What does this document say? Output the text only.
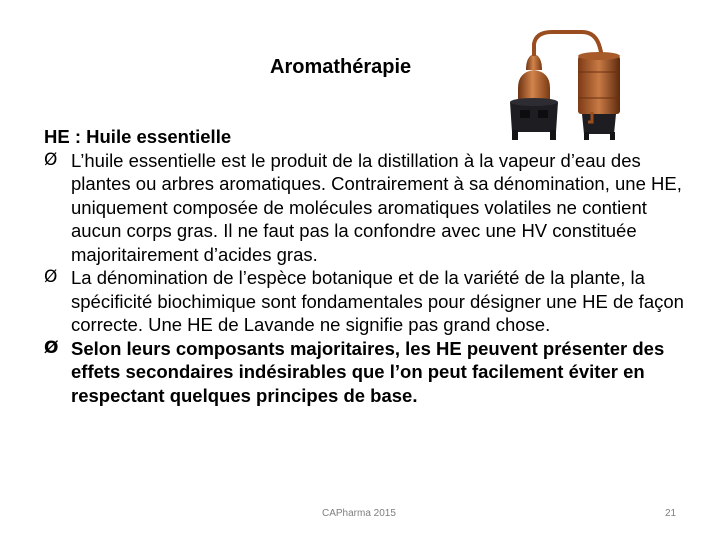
Aromathérapie
HE : Huile essentielle

Ø L’huile essentielle est le produit de la distillation à la vapeur d’eau des plantes ou arbres aromatiques. Contrairement à sa dénomination, une HE, uniquement composée de molécules aromatiques volatiles ne contient aucun corps gras. Il ne faut pas la confondre avec une HV constituée majoritairement d’acides gras.

Ø La dénomination de l’espèce botanique et de la variété de la plante, la spécificité biochimique sont fondamentales pour désigner une HE de façon correcte. Une HE de Lavande ne signifie pas grand chose.

Ø Selon leurs composants majoritaires, les HE peuvent présenter des effets secondaires indésirables que l’on peut facilement éviter en respectant quelques principes de base.

CAPharma 2015	21
